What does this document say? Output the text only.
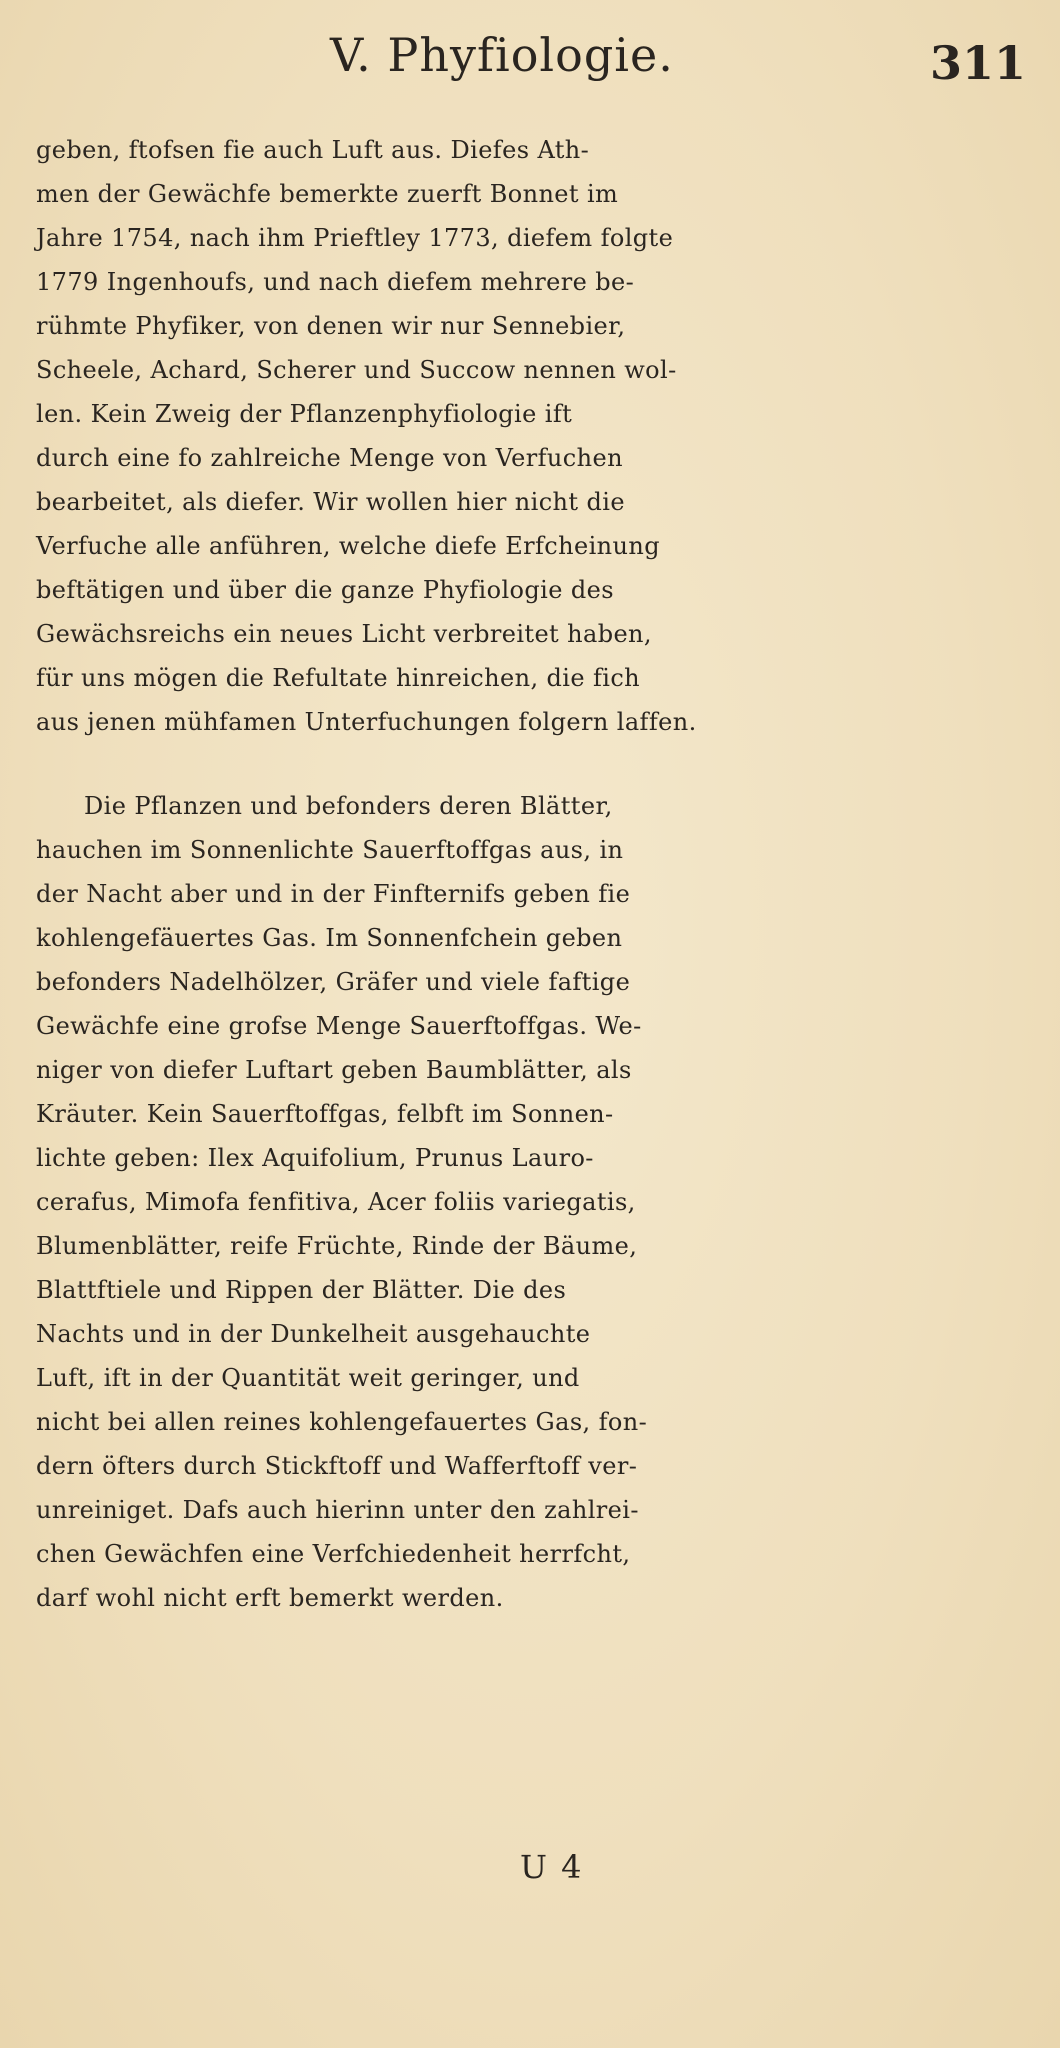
V. Phyfiologie.	311
geben, ftofsen fie auch Luft aus. Diefes Ath-
men der Gewächfe bemerkte zuerft Bonnet im
Jahre 1754, nach ihm Prieftley 1773, diefem folgte
1779 Ingenhoufs, und nach diefem mehrere be-
rühmte Phyfiker, von denen wir nur Sennebier,
Scheele, Achard, Scherer und Succow nennen wol-
len. Kein Zweig der Pflanzenphyfiologie ift
durch eine fo zahlreiche Menge von Verfuchen
bearbeitet, als diefer. Wir wollen hier nicht die
Verfuche alle anführen, welche diefe Erfcheinung
beftätigen und über die ganze Phyfiologie des
Gewächsreichs ein neues Licht verbreitet haben,
für uns mögen die Refultate hinreichen, die fich
aus jenen mühfamen Unterfuchungen folgern laffen.
Die Pflanzen und befonders deren Blätter,
hauchen im Sonnenlichte Sauerftoffgas aus, in
der Nacht aber und in der Finfternifs geben fie
kohlengefäuertes Gas. Im Sonnenfchein geben
befonders Nadelhölzer, Gräfer und viele faftige
Gewächfe eine grofse Menge Sauerftoffgas. We-
niger von diefer Luftart geben Baumblätter, als
Kräuter. Kein Sauerftoffgas, felbft im Sonnen-
lichte geben: Ilex Aquifolium, Prunus Lauro-
cerafus, Mimofa fenfitiva, Acer foliis variegatis,
Blumenblätter, reife Früchte, Rinde der Bäume,
Blattftiele und Rippen der Blätter. Die des
Nachts und in der Dunkelheit ausgehauchte
Luft, ift in der Quantität weit geringer, und
nicht bei allen reines kohlengefauertes Gas, fon-
dern öfters durch Stickftoff und Wafferftoff ver-
unreiniget. Dafs auch hierinn unter den zahlrei-
chen Gewächfen eine Verfchiedenheit herrfcht,
darf wohl nicht erft bemerkt werden.
U 4
